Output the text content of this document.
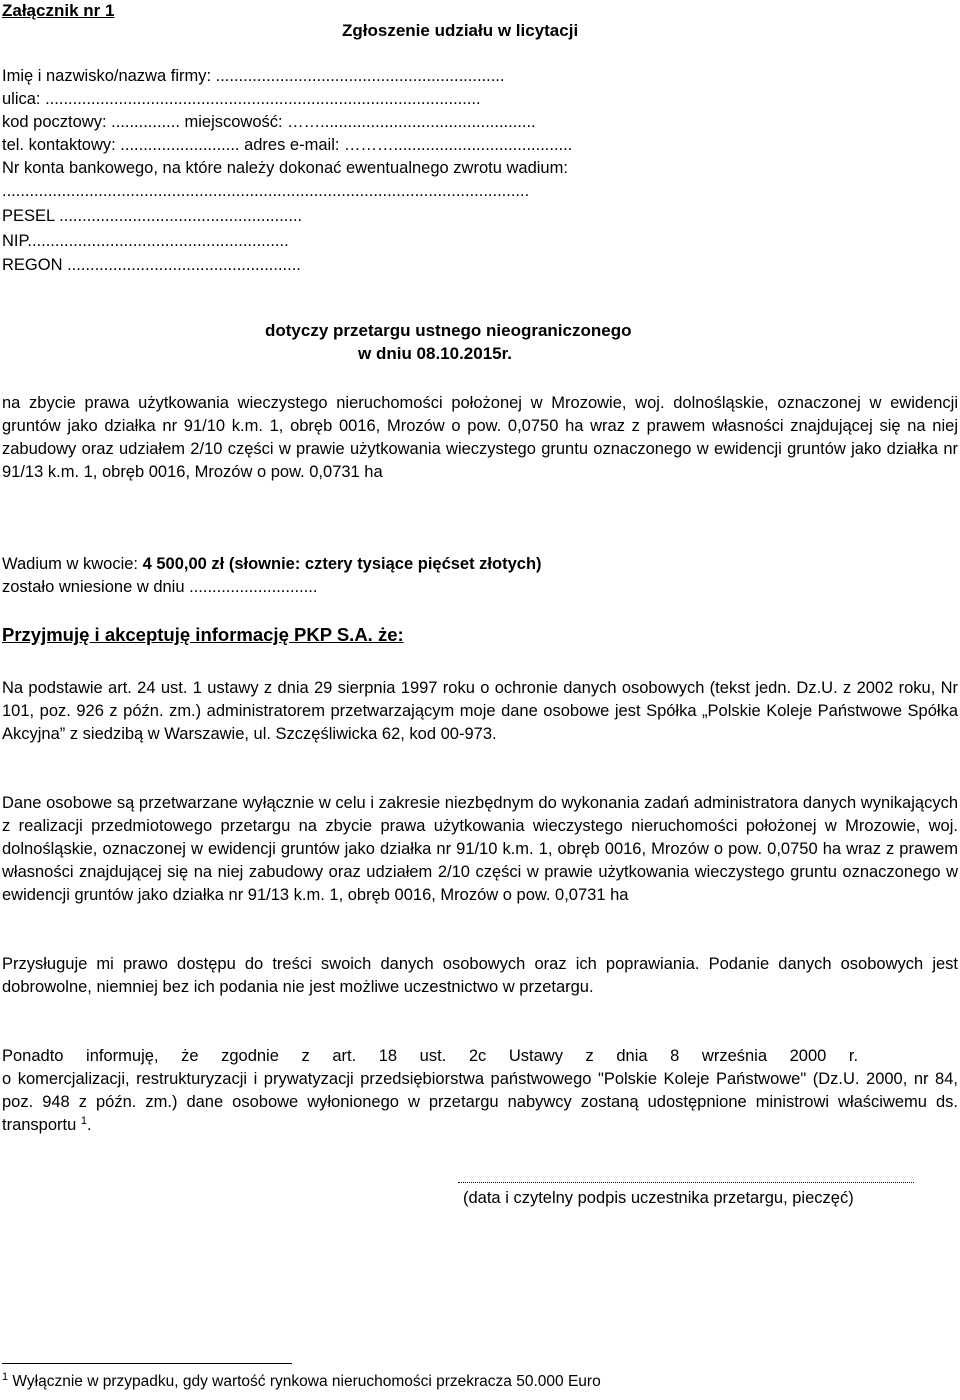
Załącznik nr 1
Zgłoszenie udziału w licytacji
Imię i nazwisko/nazwa firmy: ...............................................................
ulica: ...............................................................................................
kod pocztowy: ............... miejscowość: ……...............................................
tel. kontaktowy: .......................... adres e-mail: ……….......................................
Nr konta bankowego, na które należy dokonać ewentualnego zwrotu wadium:
...................................................................................................................
PESEL .....................................................
NIP.........................................................
REGON ...................................................
dotyczy przetargu ustnego nieograniczonego
w dniu 08.10.2015r.
na zbycie prawa użytkowania wieczystego nieruchomości położonej w Mrozowie, woj. dolnośląskie, oznaczonej w ewidencji gruntów jako działka nr 91/10 k.m. 1, obręb 0016, Mrozów o pow. 0,0750 ha wraz z prawem własności znajdującej się na niej zabudowy oraz udziałem 2/10 części w prawie użytkowania wieczystego gruntu oznaczonego w ewidencji gruntów jako działka nr 91/13 k.m. 1, obręb 0016, Mrozów o pow. 0,0731 ha
Wadium w kwocie: 4 500,00 zł (słownie: cztery tysiące pięćset złotych)
zostało wniesione w dniu ............................
Przyjmuję i akceptuję informację PKP S.A. że:
Na podstawie art. 24 ust. 1 ustawy z dnia 29 sierpnia 1997 roku o ochronie danych osobowych (tekst jedn. Dz.U. z 2002 roku, Nr 101, poz. 926 z późn. zm.) administratorem przetwarzającym moje dane osobowe jest Spółka „Polskie Koleje Państwowe Spółka Akcyjna” z siedzibą w Warszawie, ul. Szczęśliwicka 62, kod 00-973.
Dane osobowe są przetwarzane wyłącznie w celu i zakresie niezbędnym do wykonania zadań administratora danych wynikających z realizacji przedmiotowego przetargu na zbycie prawa użytkowania wieczystego nieruchomości położonej w Mrozowie, woj. dolnośląskie, oznaczonej w ewidencji gruntów jako działka nr 91/10 k.m. 1, obręb 0016, Mrozów o pow. 0,0750 ha wraz z prawem własności znajdującej się na niej zabudowy oraz udziałem 2/10 części w prawie użytkowania wieczystego gruntu oznaczonego w ewidencji gruntów jako działka nr 91/13 k.m. 1, obręb 0016, Mrozów o pow. 0,0731 ha
Przysługuje mi prawo dostępu do treści swoich danych osobowych oraz ich poprawiania. Podanie danych osobowych jest dobrowolne, niemniej bez ich podania nie jest możliwe uczestnictwo w przetargu.
Ponadto informuję, że zgodnie z art. 18 ust. 2c Ustawy z dnia 8 września 2000 r.
o komercjalizacji, restrukturyzacji i prywatyzacji przedsiębiorstwa państwowego "Polskie Koleje Państwowe" (Dz.U. 2000, nr 84, poz. 948 z późn. zm.) dane osobowe wyłonionego w przetargu nabywcy zostaną udostępnione ministrowi właściwemu ds. transportu $^1$.
(data i czytelny podpis uczestnika przetargu, pieczęć)
$^1$ Wyłącznie w przypadku, gdy wartość rynkowa nieruchomości przekracza 50.000 Euro
